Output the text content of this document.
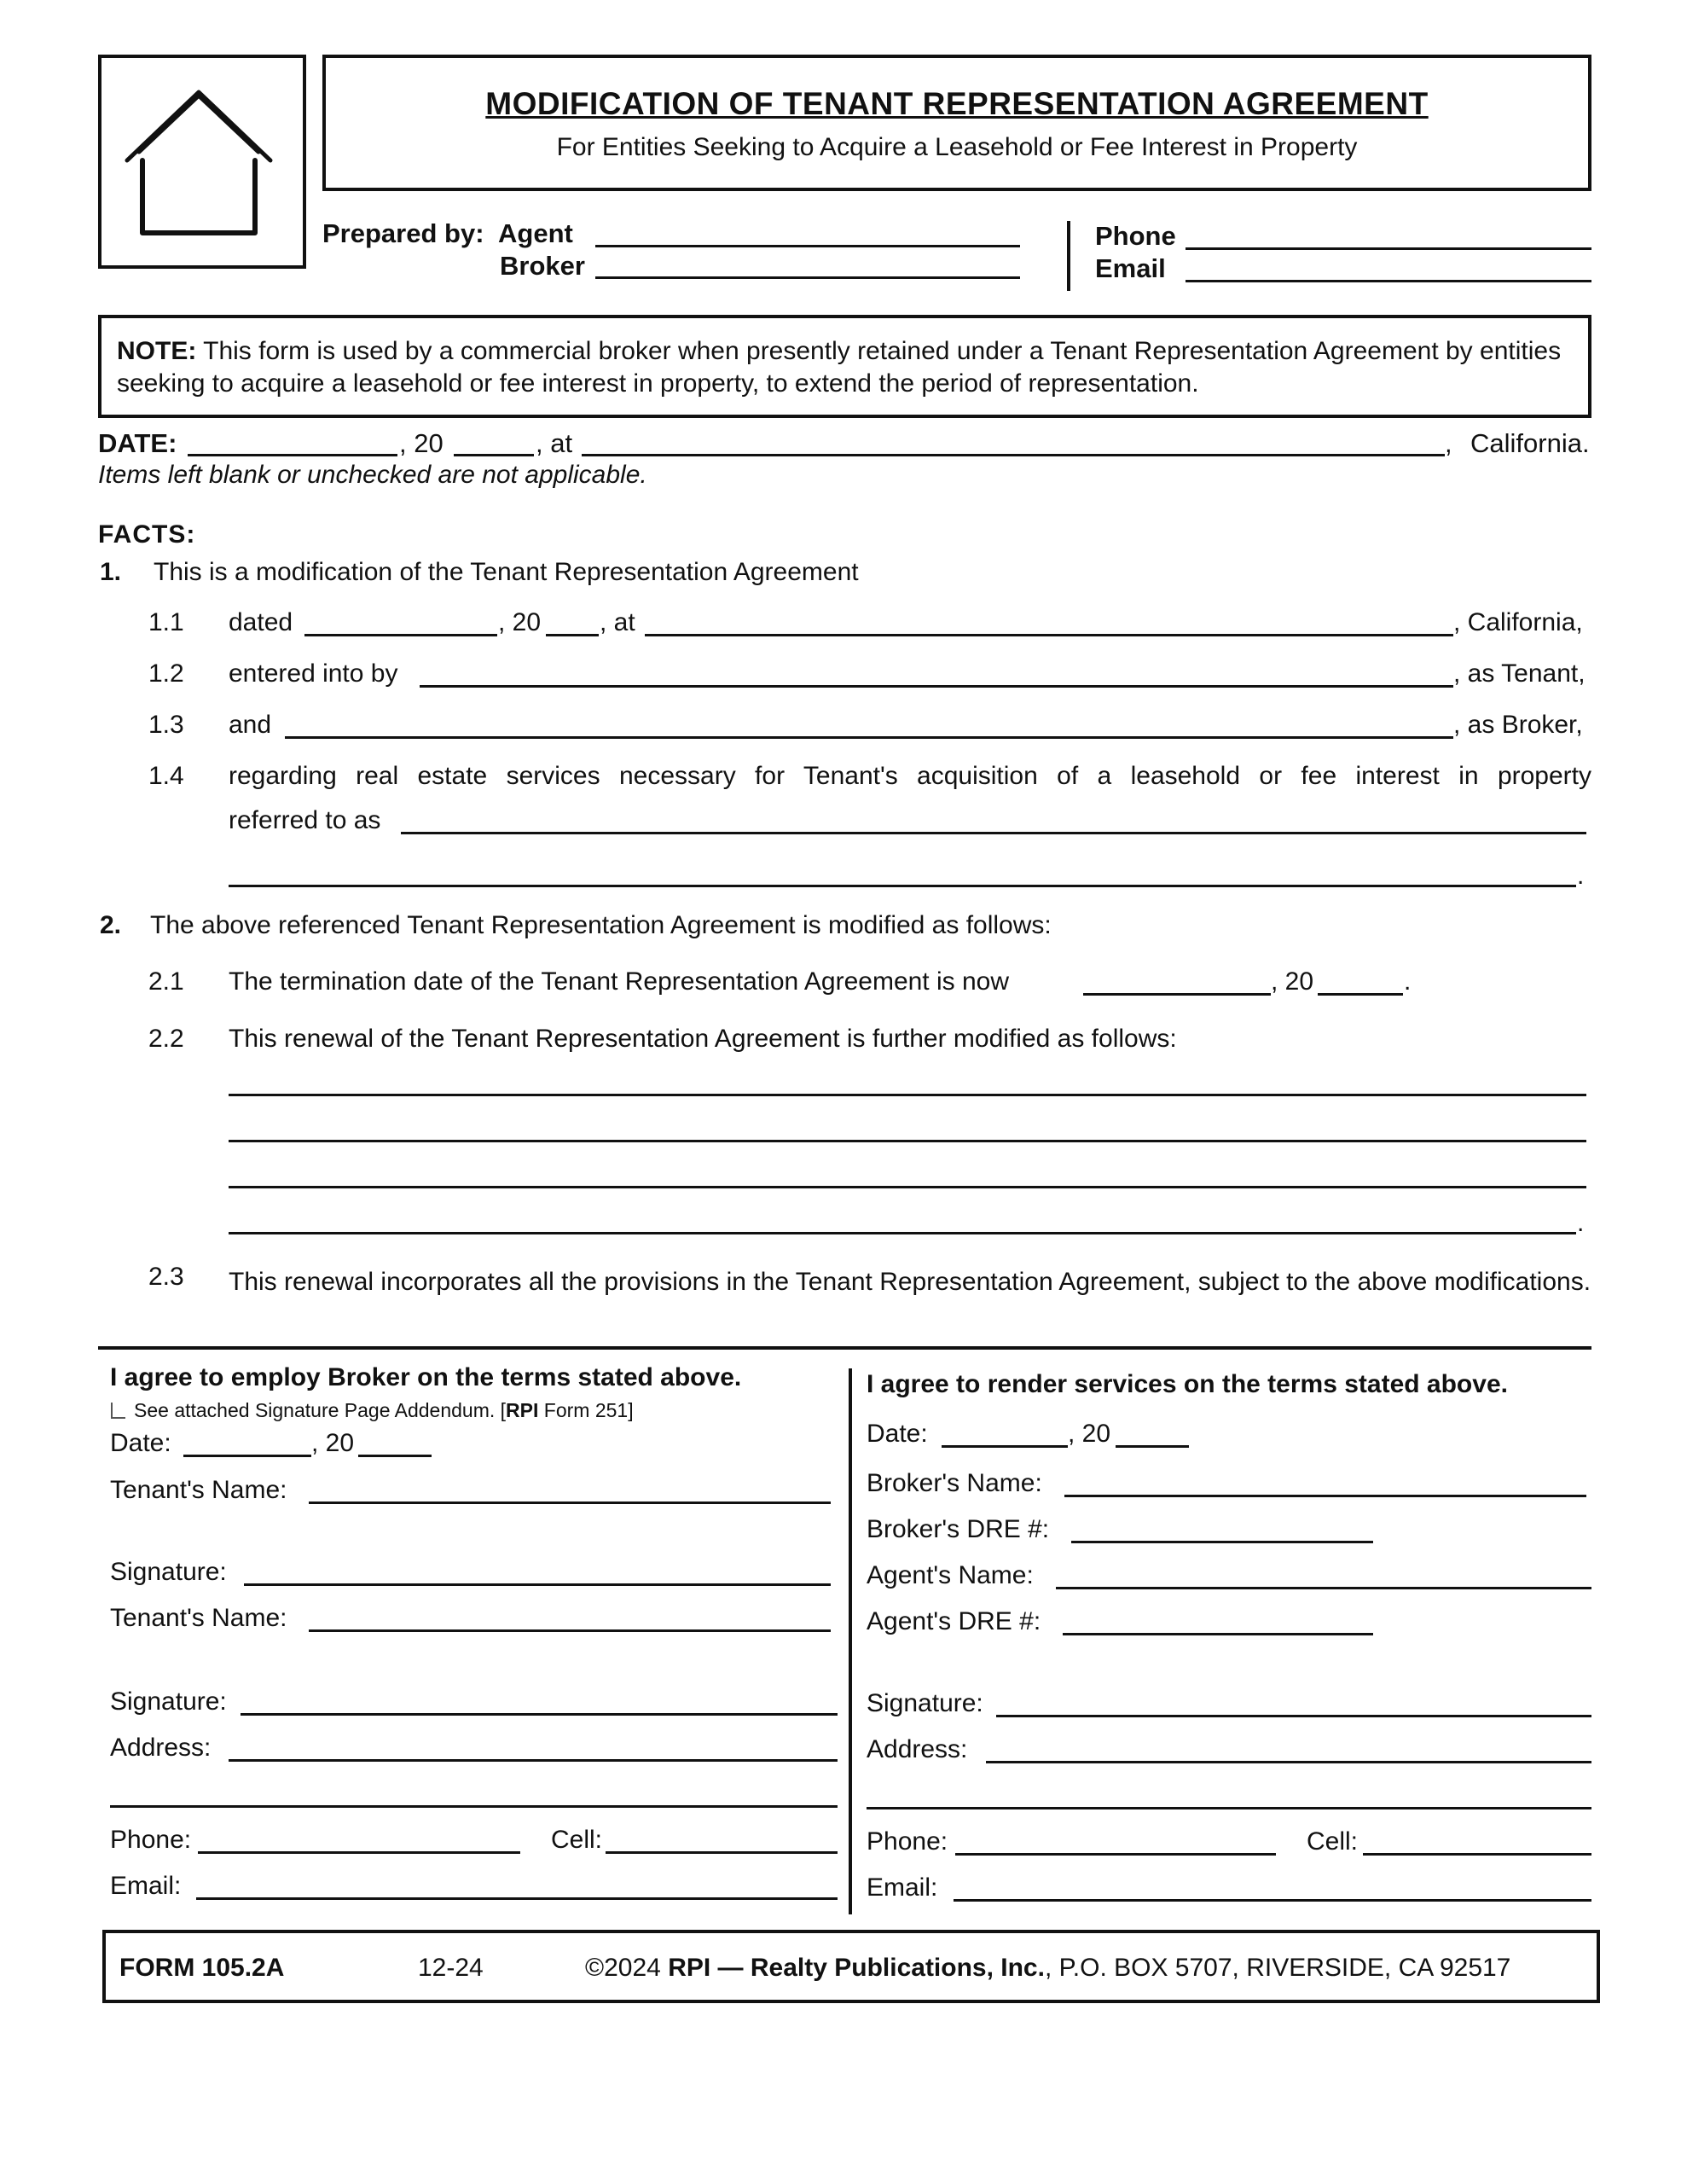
MODIFICATION OF TENANT REPRESENTATION AGREEMENT
For Entities Seeking to Acquire a Leasehold or Fee Interest in Property
Prepared by: Agent
Broker
Phone
Email
NOTE: This form is used by a commercial broker when presently retained under a Tenant Representation Agreement by entities seeking to acquire a leasehold or fee interest in property, to extend the period of representation.
DATE:	, 20	, at	, California.
Items left blank or unchecked are not applicable.
FACTS:
1. This is a modification of the Tenant Representation Agreement
1.1 dated	, 20 , at	, California,
1.2 entered into by	, as Tenant,
1.3 and	, as Broker,
1.4 regarding real estate services necessary for Tenant's acquisition of a leasehold or fee interest in property
referred to as
.
2. The above referenced Tenant Representation Agreement is modified as follows:
2.1 The termination date of the Tenant Representation Agreement is now	, 20	.
2.2 This renewal of the Tenant Representation Agreement is further modified as follows:
.
2.3 This renewal incorporates all the provisions in the Tenant Representation Agreement, subject to the above modifications.
I agree to employ Broker on the terms stated above.
See attached Signature Page Addendum. [RPI Form 251]
Date:	, 20
Tenant's Name:
Signature:
Tenant's Name:
Signature:
Address:
Phone:	Cell:
Email:
I agree to render services on the terms stated above.
Date:	, 20
Broker's Name:
Broker's DRE #:
Agent's Name:
Agent's DRE #:
Signature:
Address:
Phone:	Cell:
Email:
FORM 105.2A	12-24	©2024 RPI — Realty Publications, Inc., P.O. BOX 5707, RIVERSIDE, CA 92517
